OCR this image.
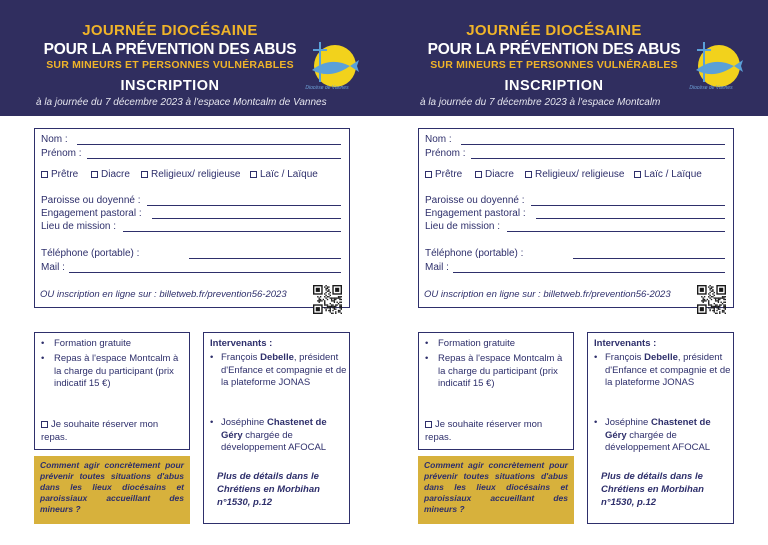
JOURNÉE DIOCÉSAINE
POUR LA PRÉVENTION DES ABUS
SUR MINEURS ET PERSONNES VULNÉRABLES
INSCRIPTION
à la journée du 7 décembre 2023 à l'espace Montcalm de Vannes
Diocèse de Vannes
Nom :
Prénom :
Prêtre	Diacre	Religieux/ religieuse	Laïc / Laïque
Paroisse ou doyenné :
Engagement pastoral :
Lieu de mission :
Téléphone (portable) :
Mail :
OU inscription en ligne sur : billetweb.fr/prevention56-2023
• Formation gratuite
• Repas à l'espace Montcalm à la charge du participant (prix indicatif 15 €)
Je souhaite réserver mon repas.
Comment agir concrètement pour prévenir toutes situations d'abus dans les lieux diocésains et paroissiaux accueillant des mineurs ?
Intervenants :
• François Debelle, président d'Enfance et compagnie et de la plateforme JONAS
• Joséphine Chastenet de Géry chargée de développement AFOCAL
Plus de détails dans le Chrétiens en Morbihan n°1530, p.12
JOURNÉE DIOCÉSAINE
POUR LA PRÉVENTION DES ABUS
SUR MINEURS ET PERSONNES VULNÉRABLES
INSCRIPTION
à la journée du 7 décembre 2023 à l'espace Montcalm
Diocèse de Vannes
Nom :
Prénom :
Prêtre	Diacre	Religieux/ religieuse	Laïc / Laïque
Paroisse ou doyenné :
Engagement pastoral :
Lieu de mission :
Téléphone (portable) :
Mail :
OU inscription en ligne sur : billetweb.fr/prevention56-2023
• Formation gratuite
• Repas à l'espace Montcalm à la charge du participant (prix indicatif 15 €)
Je souhaite réserver mon repas.
Comment agir concrètement pour prévenir toutes situations d'abus dans les lieux diocésains et paroissiaux accueillant des mineurs ?
Intervenants :
• François Debelle, président d'Enfance et compagnie et de la plateforme JONAS
• Joséphine Chastenet de Géry chargée de développement AFOCAL
Plus de détails dans le Chrétiens en Morbihan n°1530, p.12
